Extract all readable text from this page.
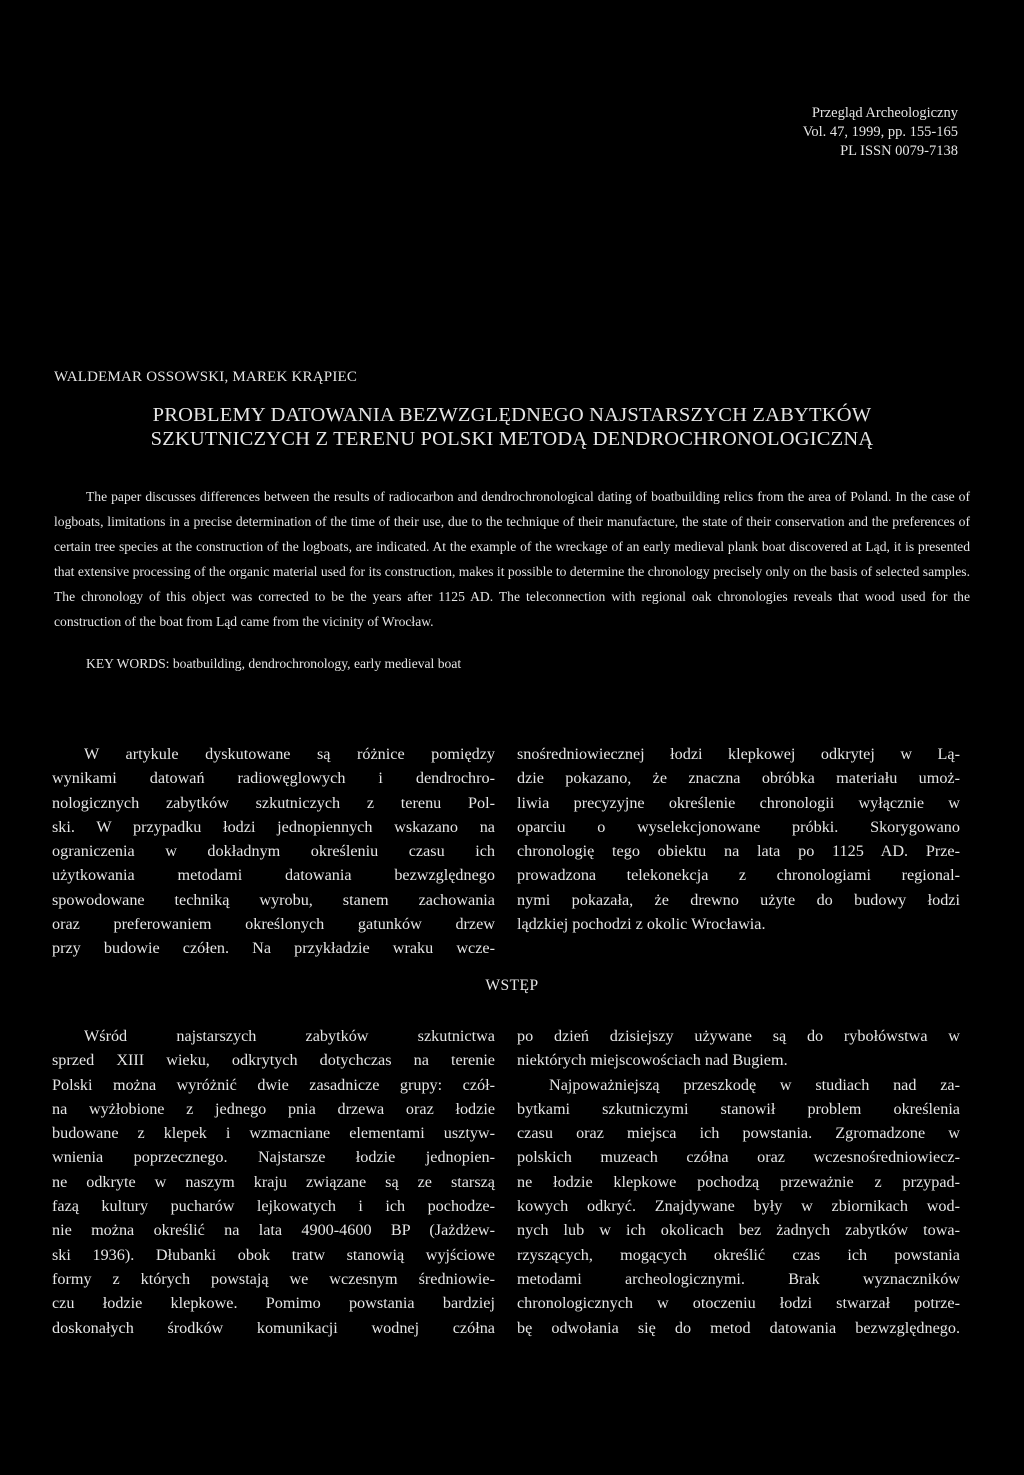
Przegląd Archeologiczny
Vol. 47, 1999, pp. 155-165
PL ISSN 0079-7138
WALDEMAR OSSOWSKI, MAREK KRĄPIEC
PROBLEMY DATOWANIA BEZWZGLĘDNEGO NAJSTARSZYCH ZABYTKÓW
SZKUTNICZYCH Z TERENU POLSKI METODĄ DENDROCHRONOLOGICZNĄ

The paper discusses differences between the results of radiocarbon and dendrochronological dating of boatbuilding relics from the area of Poland. In the case of logboats, limitations in a precise determination of the time of their use, due to the technique of their manufacture, the state of their conservation and the preferences of certain tree species at the construction of the logboats, are indicated. At the example of the wreckage of an early medieval plank boat discovered at Ląd, it is presented that extensive processing of the organic material used for its construction, makes it possible to determine the chronology precisely only on the basis of selected samples. The chronology of this object was corrected to be the years after 1125 AD. The teleconnection with regional oak chronologies reveals that wood used for the construction of the boat from Ląd came from the vicinity of Wrocław.

KEY WORDS: boatbuilding, dendrochronology, early medieval boat
W artykule dyskutowane są różnice pomiędzy
wynikami datowań radiowęglowych i dendrochro-
nologicznych zabytków szkutniczych z terenu Pol-
ski. W przypadku łodzi jednopiennych wskazano na
ograniczenia w dokładnym określeniu czasu ich
użytkowania metodami datowania bezwzględnego
spowodowane techniką wyrobu, stanem zachowania
oraz preferowaniem określonych gatunków drzew
przy budowie czółen. Na przykładzie wraku wcze-
snośredniowiecznej łodzi klepkowej odkrytej w Lą-
dzie pokazano, że znaczna obróbka materiału umoż-
liwia precyzyjne określenie chronologii wyłącznie w
oparciu o wyselekcjonowane próbki. Skorygowano
chronologię tego obiektu na lata po 1125 AD. Prze-
prowadzona telekonekcja z chronologiami regional-
nymi pokazała, że drewno użyte do budowy łodzi
lądzkiej pochodzi z okolic Wrocławia.
WSTĘP
Wśród najstarszych zabytków szkutnictwa
sprzed XIII wieku, odkrytych dotychczas na terenie
Polski można wyróżnić dwie zasadnicze grupy: czół-
na wyżłobione z jednego pnia drzewa oraz łodzie
budowane z klepek i wzmacniane elementami usztyw-
wnienia poprzecznego. Najstarsze łodzie jednopien-
ne odkryte w naszym kraju związane są ze starszą
fazą kultury pucharów lejkowatych i ich pochodze-
nie można określić na lata 4900-4600 BP (Jażdżew-
ski 1936). Dłubanki obok tratw stanowią wyjściowe
formy z których powstają we wczesnym średniowie-
czu łodzie klepkowe. Pomimo powstania bardziej
doskonałych środków komunikacji wodnej czółna
po dzień dzisiejszy używane są do rybołówstwa w
niektórych miejscowościach nad Bugiem.
Najpoważniejszą przeszkodę w studiach nad za-
bytkami szkutniczymi stanowił problem określenia
czasu oraz miejsca ich powstania. Zgromadzone w
polskich muzeach czółna oraz wczesnośredniowiecz-
ne łodzie klepkowe pochodzą przeważnie z przypad-
kowych odkryć. Znajdywane były w zbiornikach wod-
nych lub w ich okolicach bez żadnych zabytków towa-
rzyszących, mogących określić czas ich powstania
metodami archeologicznymi. Brak wyznaczników
chronologicznych w otoczeniu łodzi stwarzał potrze-
bę odwołania się do metod datowania bezwzględnego.
